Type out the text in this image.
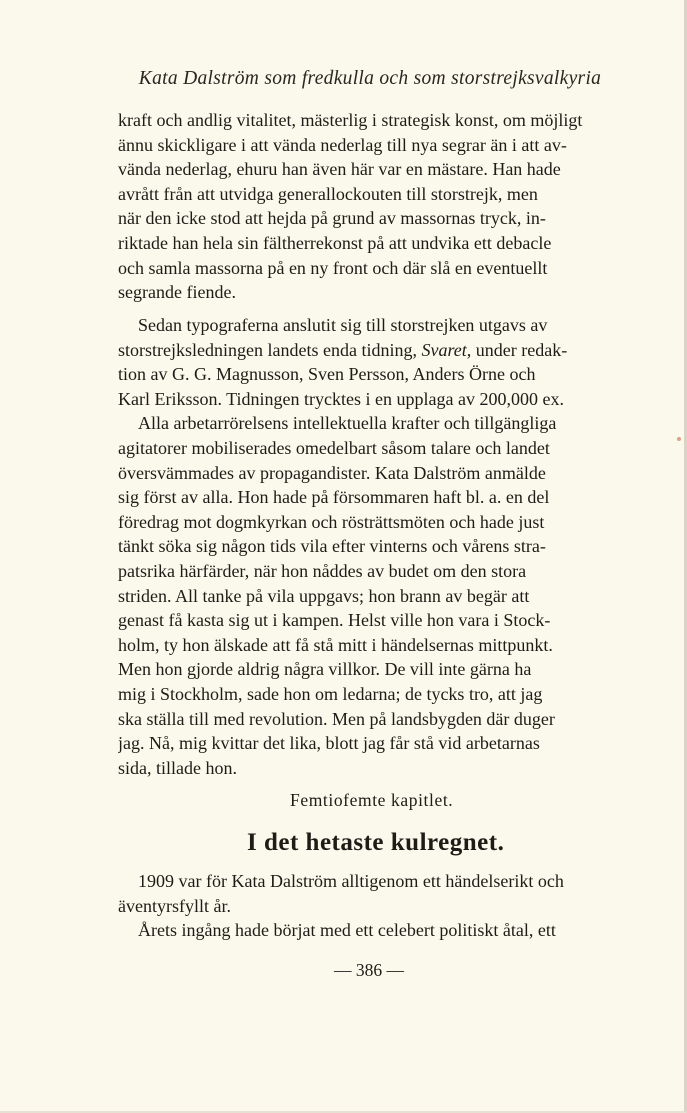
Kata Dalström som fredkulla och som storstrejksvalkyria
kraft och andlig vitalitet, mästerlig i strategisk konst, om möjligt
ännu skickligare i att vända nederlag till nya segrar än i att av-
vända nederlag, ehuru han även här var en mästare. Han hade
avrått från att utvidga generallockouten till storstrejk, men
när den icke stod att hejda på grund av massornas tryck, in-
riktade han hela sin fältherrekonst på att undvika ett debacle
och samla massorna på en ny front och där slå en eventuellt
segrande fiende.
Sedan typograferna anslutit sig till storstrejken utgavs av
storstrejksledningen landets enda tidning, Svaret, under redak-
tion av G. G. Magnusson, Sven Persson, Anders Örne och
Karl Eriksson. Tidningen trycktes i en upplaga av 200,000 ex.
Alla arbetarrörelsens intellektuella krafter och tillgängliga
agitatorer mobiliserades omedelbart såsom talare och landet
översvämmades av propagandister. Kata Dalström anmälde
sig först av alla. Hon hade på försommaren haft bl. a. en del
föredrag mot dogmkyrkan och rösträttsmöten och hade just
tänkt söka sig någon tids vila efter vinterns och vårens stra-
patsrika härfärder, när hon nåddes av budet om den stora
striden. All tanke på vila uppgavs; hon brann av begär att
genast få kasta sig ut i kampen. Helst ville hon vara i Stock-
holm, ty hon älskade att få stå mitt i händelsernas mittpunkt.
Men hon gjorde aldrig några villkor. De vill inte gärna ha
mig i Stockholm, sade hon om ledarna; de tycks tro, att jag
ska ställa till med revolution. Men på landsbygden där duger
jag. Nå, mig kvittar det lika, blott jag får stå vid arbetarnas
sida, tillade hon.
Femtiofemte kapitlet.
I det hetaste kulregnet.
1909 var för Kata Dalström alltigenom ett händelserikt och
äventyrsfyllt år.
Årets ingång hade börjat med ett celebert politiskt åtal, ett
— 386 —
